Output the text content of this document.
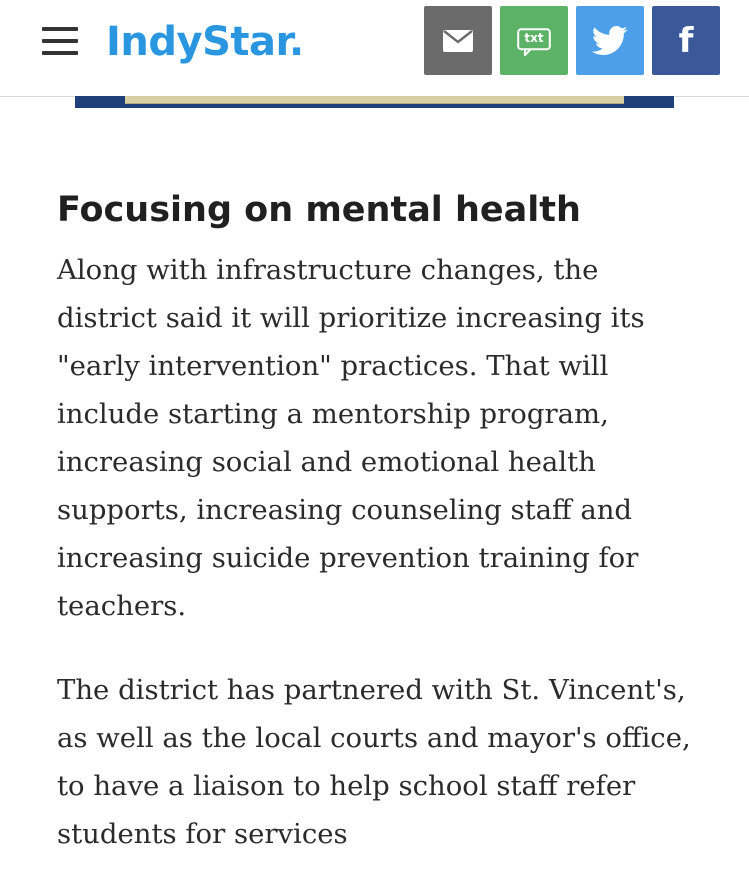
IndyStar.	txt	f
Focusing on mental health

Along with infrastructure changes, the district said it will prioritize increasing its "early intervention" practices. That will include starting a mentorship program, increasing social and emotional health supports, increasing counseling staff and increasing suicide prevention training for teachers.

The district has partnered with St. Vincent's, as well as the local courts and mayor's office, to have a liaison to help school staff refer students for services
